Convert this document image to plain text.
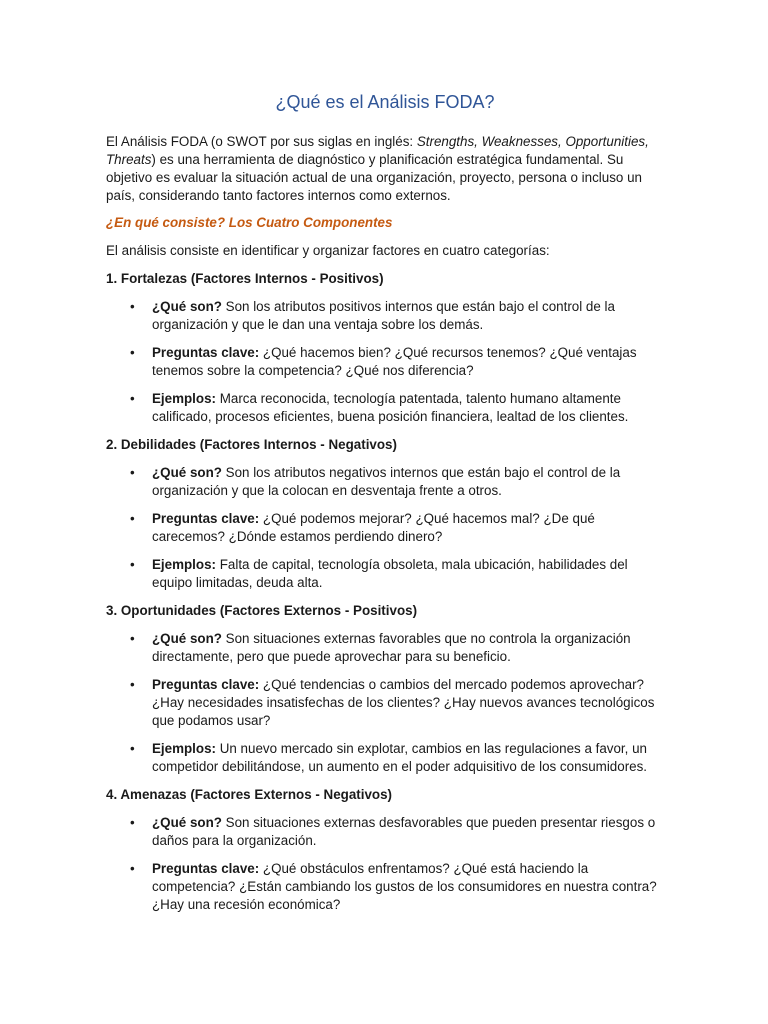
¿Qué es el Análisis FODA?

El Análisis FODA (o SWOT por sus siglas en inglés: Strengths, Weaknesses, Opportunities, Threats) es una herramienta de diagnóstico y planificación estratégica fundamental. Su objetivo es evaluar la situación actual de una organización, proyecto, persona o incluso un país, considerando tanto factores internos como externos.

¿En qué consiste? Los Cuatro Componentes

El análisis consiste en identificar y organizar factores en cuatro categorías:

1. Fortalezas (Factores Internos - Positivos)

• ¿Qué son? Son los atributos positivos internos que están bajo el control de la organización y que le dan una ventaja sobre los demás.
• Preguntas clave: ¿Qué hacemos bien? ¿Qué recursos tenemos? ¿Qué ventajas tenemos sobre la competencia? ¿Qué nos diferencia?
• Ejemplos: Marca reconocida, tecnología patentada, talento humano altamente calificado, procesos eficientes, buena posición financiera, lealtad de los clientes.

2. Debilidades (Factores Internos - Negativos)

• ¿Qué son? Son los atributos negativos internos que están bajo el control de la organización y que la colocan en desventaja frente a otros.
• Preguntas clave: ¿Qué podemos mejorar? ¿Qué hacemos mal? ¿De qué carecemos? ¿Dónde estamos perdiendo dinero?
• Ejemplos: Falta de capital, tecnología obsoleta, mala ubicación, habilidades del equipo limitadas, deuda alta.

3. Oportunidades (Factores Externos - Positivos)

• ¿Qué son? Son situaciones externas favorables que no controla la organización directamente, pero que puede aprovechar para su beneficio.
• Preguntas clave: ¿Qué tendencias o cambios del mercado podemos aprovechar? ¿Hay necesidades insatisfechas de los clientes? ¿Hay nuevos avances tecnológicos que podamos usar?
• Ejemplos: Un nuevo mercado sin explotar, cambios en las regulaciones a favor, un competidor debilitándose, un aumento en el poder adquisitivo de los consumidores.

4. Amenazas (Factores Externos - Negativos)

• ¿Qué son? Son situaciones externas desfavorables que pueden presentar riesgos o daños para la organización.
• Preguntas clave: ¿Qué obstáculos enfrentamos? ¿Qué está haciendo la competencia? ¿Están cambiando los gustos de los consumidores en nuestra contra? ¿Hay una recesión económica?
